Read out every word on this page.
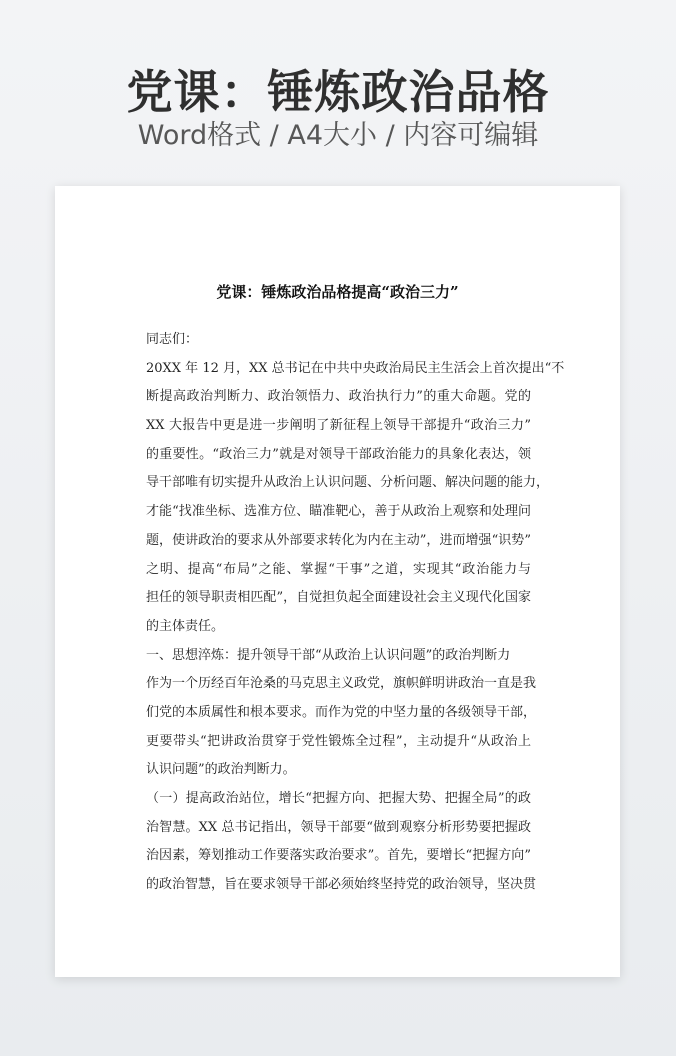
党课：锤炼政治品格
Word格式 / A4大小 / 内容可编辑
党课：锤炼政治品格提高“政治三力”
同志们：
20XX 年 12 月，XX 总书记在中共中央政治局民主生活会上首次提出“不
断提高政治判断力、政治领悟力、政治执行力”的重大命题。党的
XX 大报告中更是进一步阐明了新征程上领导干部提升“政治三力”
的重要性。“政治三力”就是对领导干部政治能力的具象化表达，领
导干部唯有切实提升从政治上认识问题、分析问题、解决问题的能力，
才能“找准坐标、选准方位、瞄准靶心，善于从政治上观察和处理问
题，使讲政治的要求从外部要求转化为内在主动”，进而增强“识势”
之明、提高“布局”之能、掌握“干事”之道，实现其“政治能力与
担任的领导职责相匹配”，自觉担负起全面建设社会主义现代化国家
的主体责任。
一、思想淬炼：提升领导干部“从政治上认识问题”的政治判断力
作为一个历经百年沧桑的马克思主义政党，旗帜鲜明讲政治一直是我
们党的本质属性和根本要求。而作为党的中坚力量的各级领导干部，
更要带头“把讲政治贯穿于党性锻炼全过程”，主动提升“从政治上
认识问题”的政治判断力。
（一）提高政治站位，增长“把握方向、把握大势、把握全局”的政
治智慧。XX 总书记指出，领导干部要“做到观察分析形势要把握政
治因素，筹划推动工作要落实政治要求”。首先，要增长“把握方向”
的政治智慧，旨在要求领导干部必须始终坚持党的政治领导，坚决贯
